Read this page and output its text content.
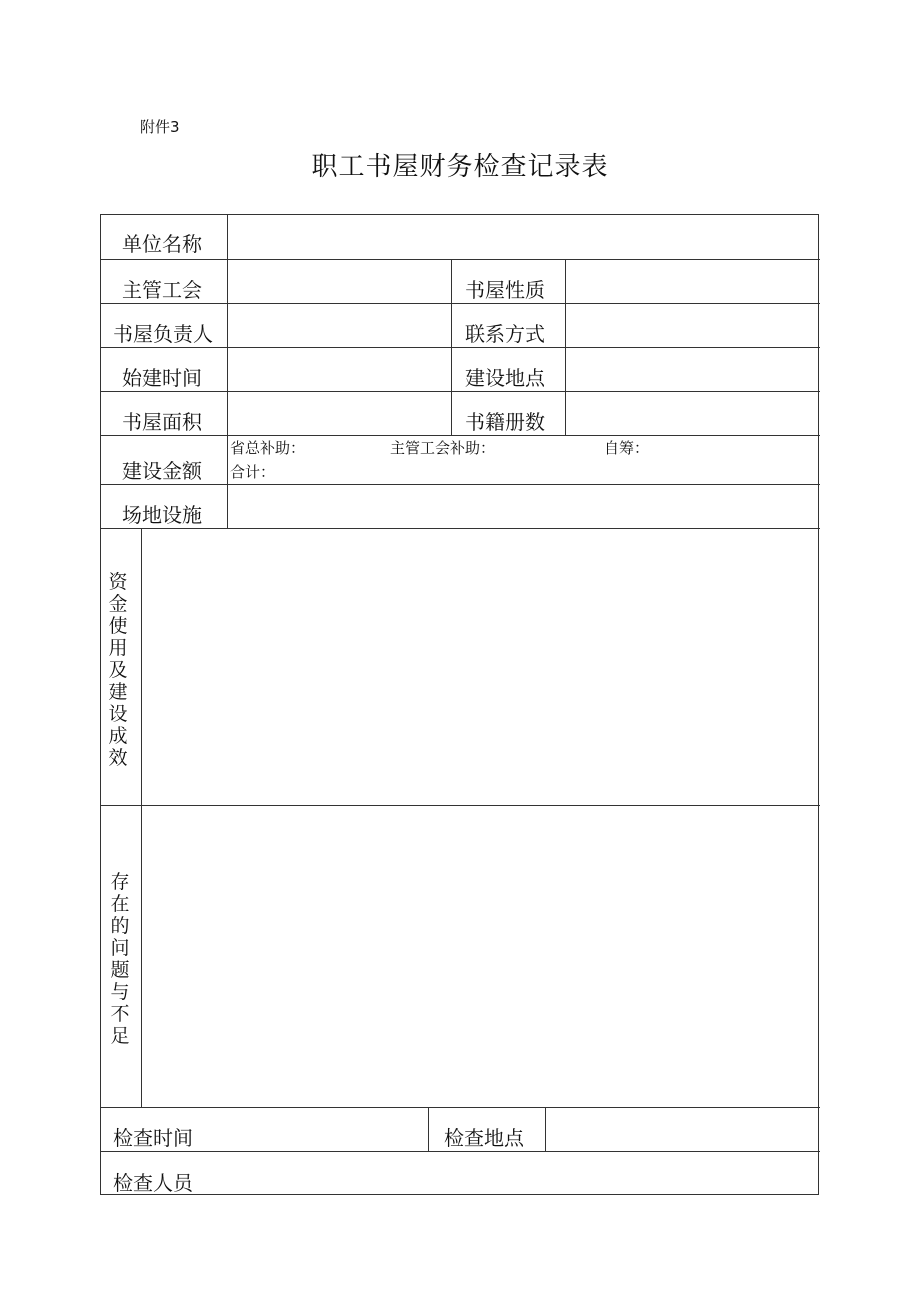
附件3
职工书屋财务检查记录表
单位名称
主管工会	书屋性质
书屋负责人	联系方式
始建时间	建设地点
书屋面积	书籍册数
建设金额
省总补助：	主管工会补助：	自筹：
合计：
场地设施
资金使用及建设成效
存在的问题与不足
检查时间	检查地点
检查人员
